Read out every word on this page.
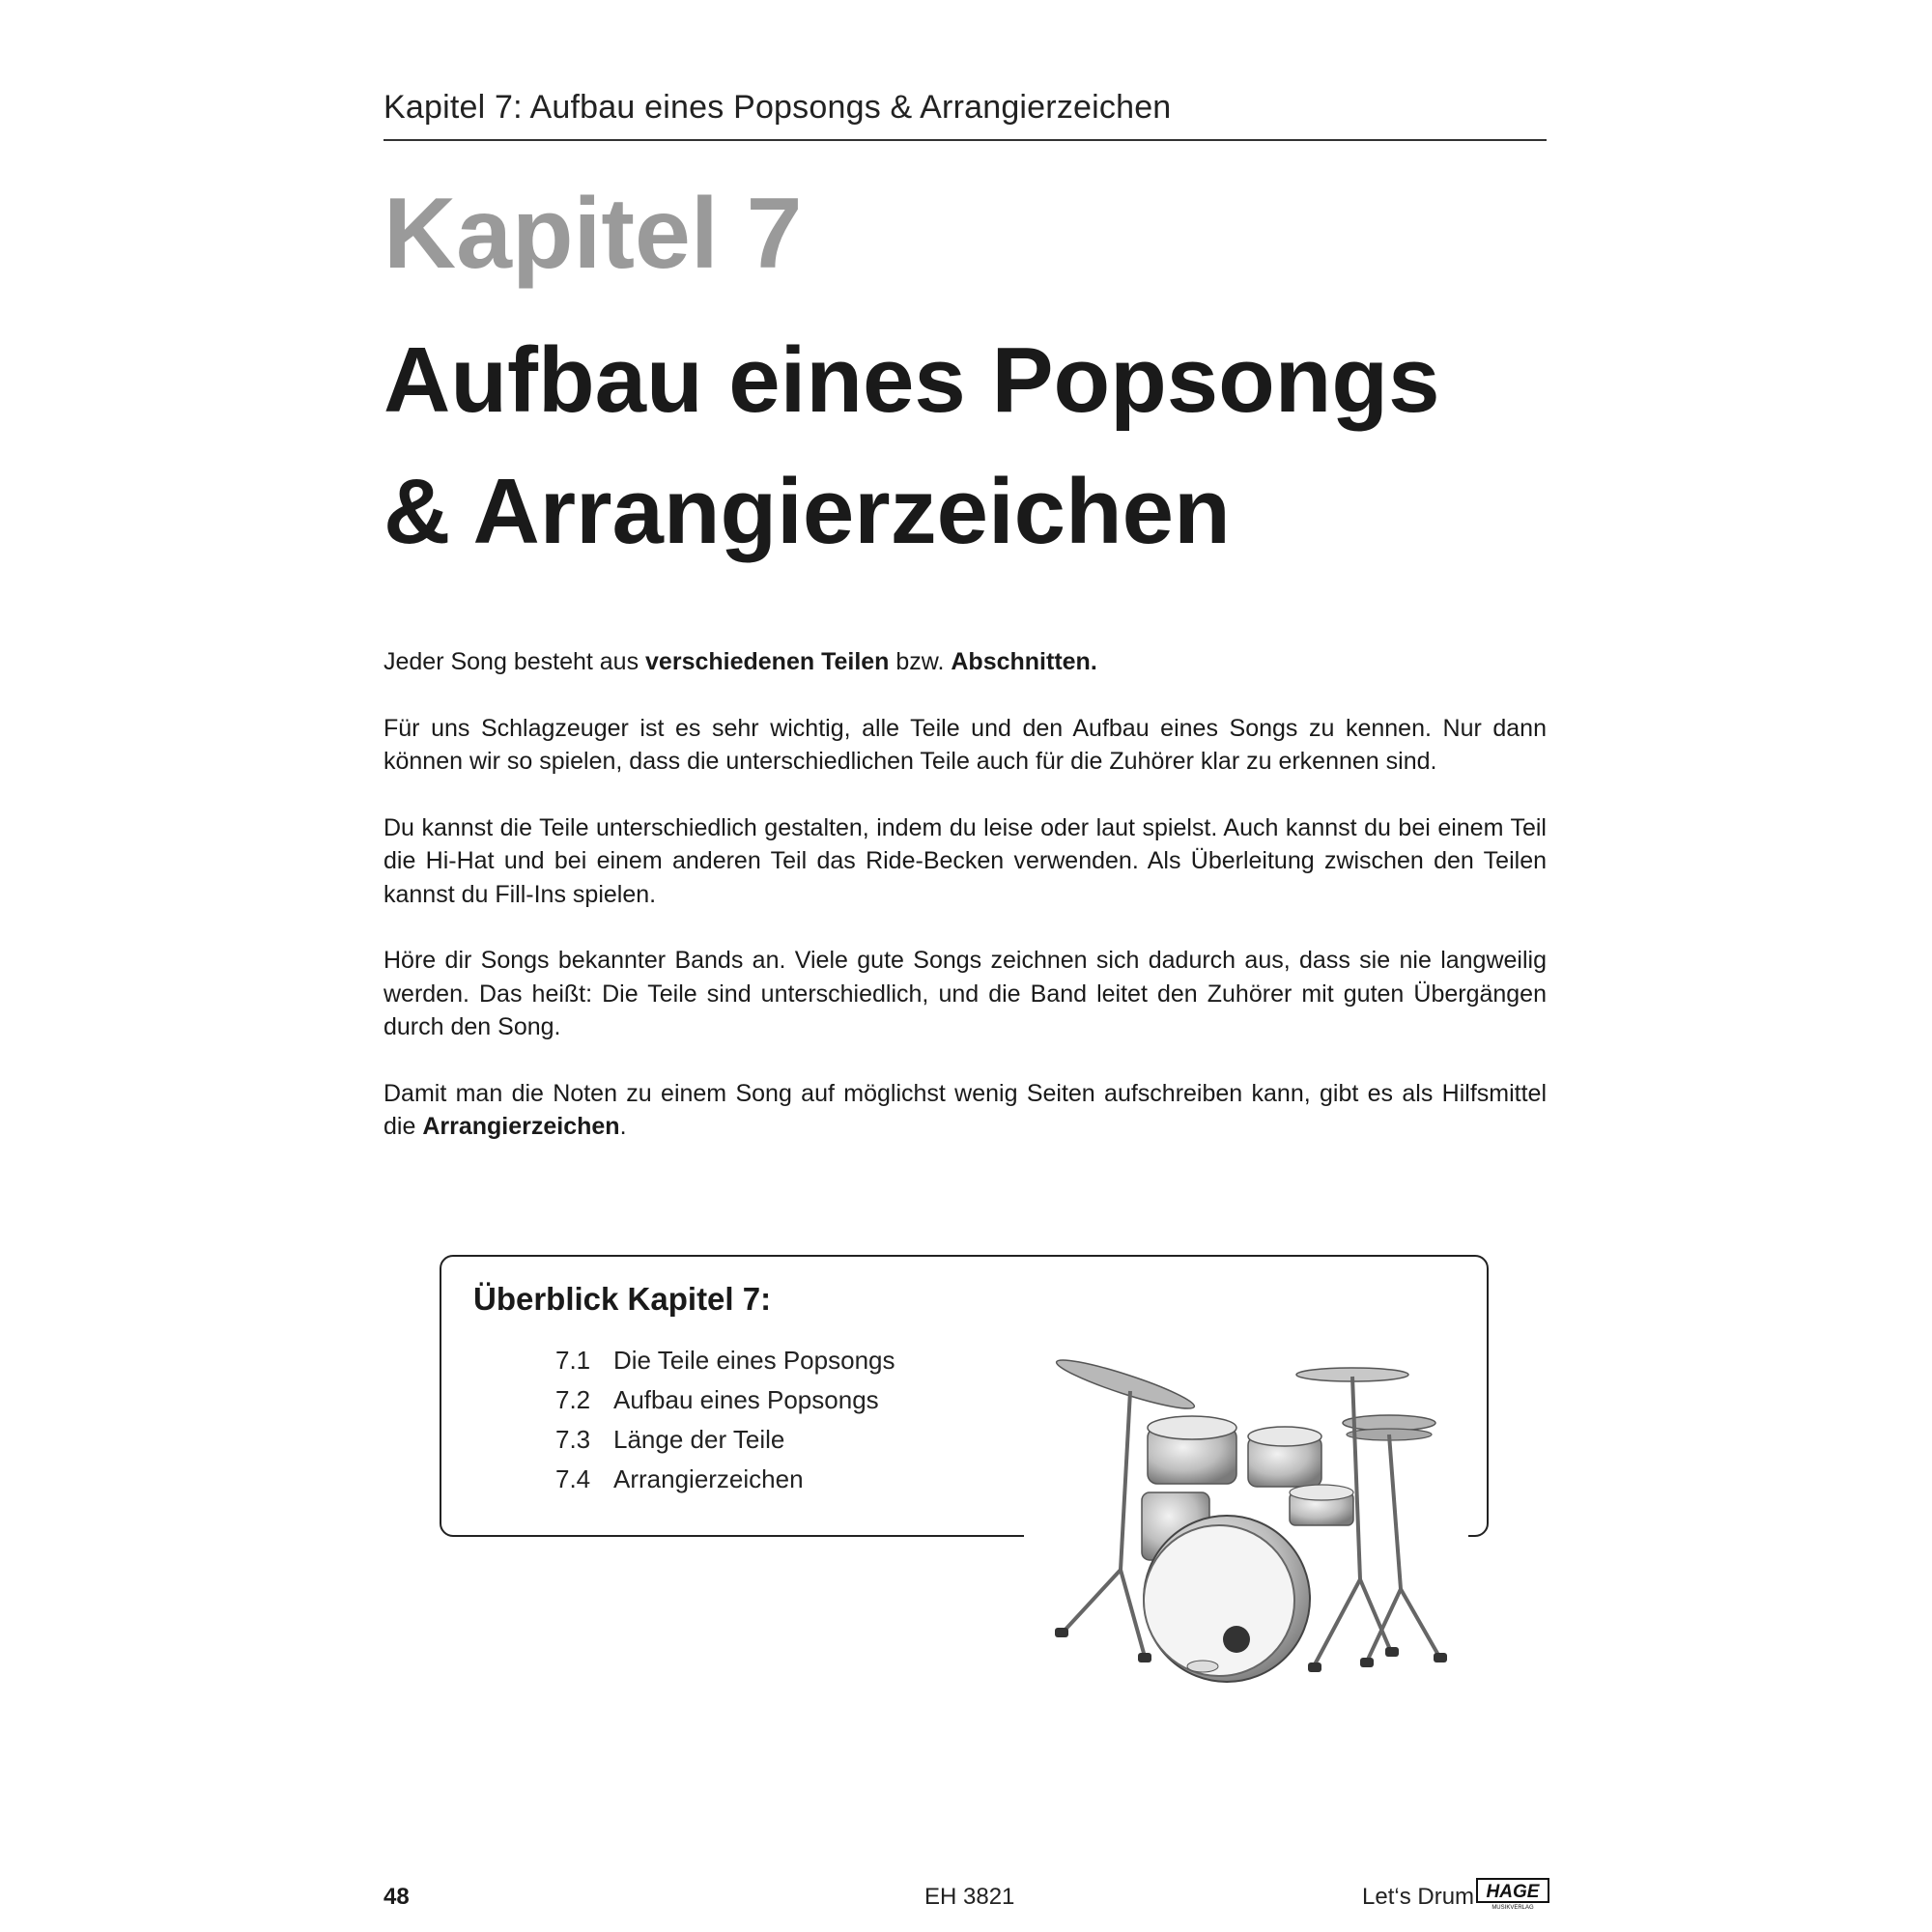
Kapitel 7: Aufbau eines Popsongs & Arrangierzeichen
Kapitel 7
Aufbau eines Popsongs
& Arrangierzeichen

Jeder Song besteht aus verschiedenen Teilen bzw. Abschnitten.

Für uns Schlagzeuger ist es sehr wichtig, alle Teile und den Aufbau eines Songs zu kennen. Nur dann können wir so spielen, dass die unterschiedlichen Teile auch für die Zuhörer klar zu erkennen sind.

Du kannst die Teile unterschiedlich gestalten, indem du leise oder laut spielst. Auch kannst du bei einem Teil die Hi-Hat und bei einem anderen Teil das Ride-Becken verwenden. Als Überleitung zwischen den Teilen kannst du Fill-Ins spielen.

Höre dir Songs bekannter Bands an. Viele gute Songs zeichnen sich dadurch aus, dass sie nie langweilig werden. Das heißt: Die Teile sind unterschiedlich, und die Band leitet den Zuhörer mit guten Übergängen durch den Song.

Damit man die Noten zu einem Song auf möglichst wenig Seiten aufschreiben kann, gibt es als Hilfsmittel die Arrangierzeichen.

Überblick Kapitel 7:
7.1 Die Teile eines Popsongs
7.2 Aufbau eines Popsongs
7.3 Länge der Teile
7.4 Arrangierzeichen
48	EH 3821	Let‘s Drum HAGE
MUSIKVERLAG
